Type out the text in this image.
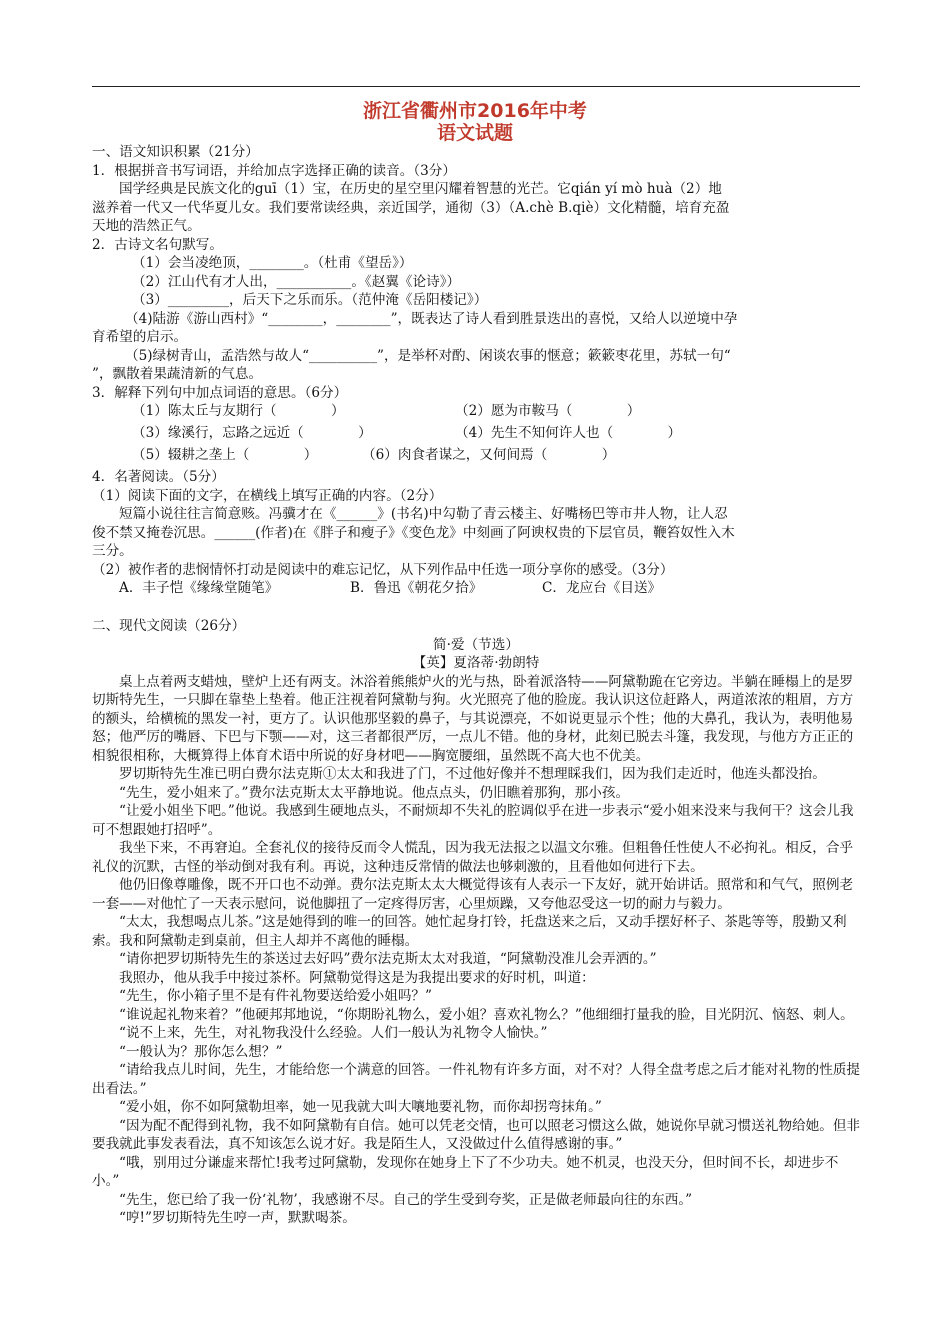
浙江省衢州市2016年中考
语文试题

一、语文知识积累（21分）

1．根据拼音书写词语，并给加点字选择正确的读音。（3分）

国学经典是民族文化的guī（1）宝，在历史的星空里闪耀着智慧的光芒。它qián yí mò huà（2）地

滋养着一代又一代华夏儿女。我们要常读经典，亲近国学，通彻（3）（A.chè B.qiè）文化精髓，培育充盈

天地的浩然正气。

2．古诗文名句默写。

（1）会当凌绝顶，________。（杜甫《望岳》）

（2）江山代有才人出，___________。《赵翼《论诗》）

（3）_________，后天下之乐而乐。（范仲淹《岳阳楼记》）

（4)陆游《游山西村》“________，________”，既表达了诗人看到胜景迭出的喜悦，又给人以逆境中孕

育希望的启示。

（5)绿树青山，孟浩然与故人“__________”，是举杯对酌、闲谈农事的惬意；簌簌枣花里，苏轼一句“

”，飘散着果蔬清新的气息。

3．解释下列句中加点词语的意思。（6分）

（1）陈太丘与友期行（　　　　）	（2）愿为市鞍马（　　　　）
（3）缘溪行，忘路之远近（　　　　）	（4）先生不知何许人也（　　　　）
（5）辍耕之垄上（　　　　）	（6）肉食者谋之，又何间焉（　　　　）

4．名著阅读。（5分）

（1）阅读下面的文字，在横线上填写正确的内容。（2分）

短篇小说往往言简意赅。冯骥才在《______》(书名)中勾勒了青云楼主、好嘴杨巴等市井人物，让人忍

俊不禁又掩卷沉思。______(作者)在《胖子和瘦子》《变色龙》中刻画了阿谀权贵的下层官员，鞭笞奴性入木

三分。

（2）被作者的悲悯情怀打动是阅读中的难忘记忆，从下列作品中任选一项分享你的感受。（3分）

A．丰子恺《缘缘堂随笔》	B．鲁迅《朝花夕拾》	C．龙应台《目送》

二、现代文阅读（26分）

简·爱（节选）

【英】夏洛蒂·勃朗特

桌上点着两支蜡烛，壁炉上还有两支。沐浴着熊熊炉火的光与热，卧着派洛特——阿黛勒跪在它旁边。半躺在睡榻上的是罗切斯特先生，一只脚在靠垫上垫着。他正注视着阿黛勒与狗。火光照亮了他的脸庞。我认识这位赶路人，两道浓浓的粗眉，方方的额头，给横梳的黑发一衬，更方了。认识他那坚毅的鼻子，与其说漂亮，不如说更显示个性；他的大鼻孔，我认为，表明他易怒；他严厉的嘴唇、下巴与下颚——对，这三者都很严厉，一点儿不错。他的身材，此刻已脱去斗篷，我发现，与他方方正正的相貌很相称，大概算得上体育术语中所说的好身材吧——胸宽腰细，虽然既不高大也不优美。

罗切斯特先生准已明白费尔法克斯①太太和我进了门，不过他好像并不想理睬我们，因为我们走近时，他连头都没抬。

“先生，爱小姐来了。”费尔法克斯太太平静地说。他点点头，仍旧瞧着那狗，那小孩。

“让爱小姐坐下吧。”他说。我感到生硬地点头，不耐烦却不失礼的腔调似乎在进一步表示“爱小姐来没来与我何干？这会儿我可不想跟她打招呼”。

我坐下来，不再窘迫。全套礼仪的接待反而令人慌乱，因为我无法报之以温文尔雅。但粗鲁任性使人不必拘礼。相反，合乎礼仪的沉默，古怪的举动倒对我有利。再说，这种违反常情的做法也够刺激的，且看他如何进行下去。

他仍旧像尊雕像，既不开口也不动弹。费尔法克斯太太大概觉得该有人表示一下友好，就开始讲话。照常和和气气，照例老一套——对他忙了一天表示慰问，说他脚扭了一定疼得厉害，心里烦躁，又夸他忍受这一切的耐力与毅力。

“太太，我想喝点儿茶。”这是她得到的唯一的回答。她忙起身打铃，托盘送来之后，又动手摆好杯子、茶匙等等，殷勤又利索。我和阿黛勒走到桌前，但主人却并不离他的睡榻。

“请你把罗切斯特先生的茶送过去好吗”费尔法克斯太太对我道，“阿黛勒没准儿会弄洒的。”

我照办，他从我手中接过茶杯。阿黛勒觉得这是为我提出要求的好时机，叫道：

“先生，你小箱子里不是有件礼物要送给爱小姐吗？”

“谁说起礼物来着？”他硬邦邦地说，“你期盼礼物么，爱小姐？喜欢礼物么？”他细细打量我的脸，目光阴沉、恼怒、刺人。

“说不上来，先生，对礼物我没什么经验。人们一般认为礼物令人愉快。”

“一般认为？那你怎么想？”

“请给我点儿时间，先生，才能给您一个满意的回答。一件礼物有许多方面，对不对？人得全盘考虑之后才能对礼物的性质提出看法。”

“爱小姐，你不如阿黛勒坦率，她一见我就大叫大嚷地要礼物，而你却拐弯抹角。”

“因为配不配得到礼物，我不如阿黛勒有自信。她可以凭老交情，也可以照老习惯这么做，她说你早就习惯送礼物给她。但非要我就此事发表看法，真不知该怎么说才好。我是陌生人，又没做过什么值得感谢的事。”

“哦，别用过分谦虚来帮忙!我考过阿黛勒，发现你在她身上下了不少功夫。她不机灵，也没天分，但时间不长，却进步不小。”

“先生，您已给了我一份‘礼物’，我感谢不尽。自己的学生受到夸奖，正是做老师最向往的东西。”

“哼!”罗切斯特先生哼一声，默默喝茶。
